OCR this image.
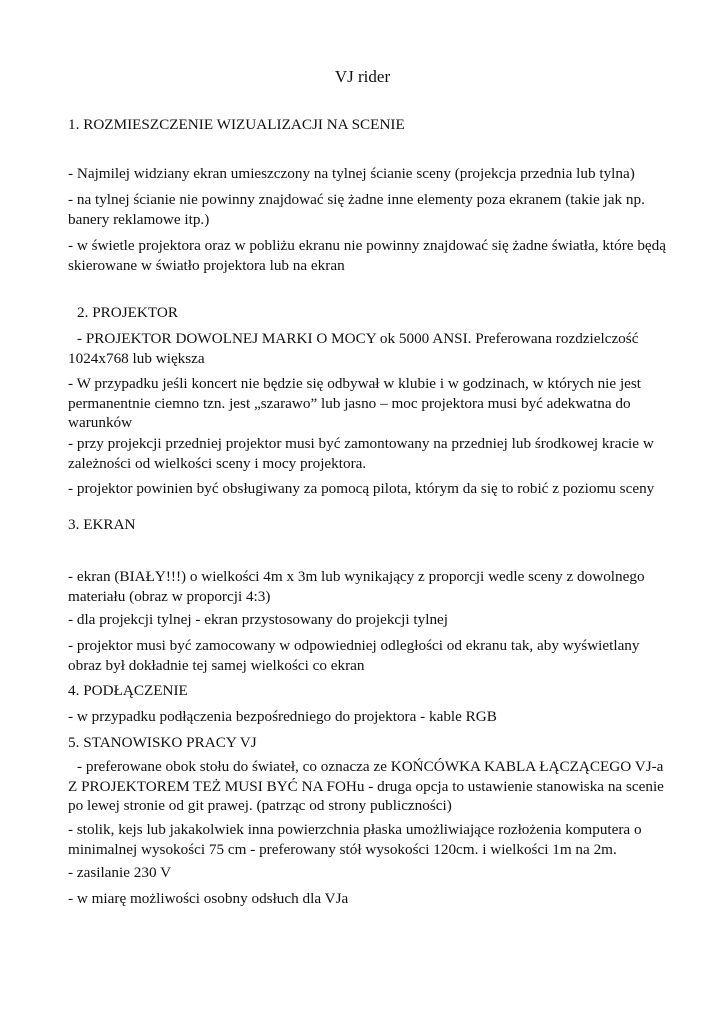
VJ rider

1. ROZMIESZCZENIE WIZUALIZACJI NA SCENIE

- Najmilej widziany ekran umieszczony na tylnej ścianie sceny (projekcja przednia lub tylna)

- na tylnej ścianie nie powinny znajdować się żadne inne elementy poza ekranem (takie jak np. banery reklamowe itp.)

- w świetle projektora oraz w pobliżu ekranu nie powinny znajdować się żadne światła, które będą skierowane w światło projektora lub na ekran

2. PROJEKTOR

- PROJEKTOR DOWOLNEJ MARKI O MOCY ok 5000 ANSI. Preferowana rozdzielczość 1024x768 lub większa

- W przypadku jeśli koncert nie będzie się odbywał w klubie i w godzinach, w których nie jest permanentnie ciemno tzn. jest „szarawo” lub jasno – moc projektora musi być adekwatna do warunków

- przy projekcji przedniej projektor musi być zamontowany na przedniej lub środkowej kracie w zależności od wielkości sceny i mocy projektora.

- projektor powinien być obsługiwany za pomocą pilota, którym da się to robić z poziomu sceny

3. EKRAN

- ekran (BIAŁY!!!) o wielkości 4m x 3m lub wynikający z proporcji wedle sceny z dowolnego materiału (obraz w proporcji 4:3)

- dla projekcji tylnej - ekran przystosowany do projekcji tylnej

- projektor musi być zamocowany w odpowiedniej odległości od ekranu tak, aby wyświetlany obraz był dokładnie tej samej wielkości co ekran

4. PODŁĄCZENIE

- w przypadku podłączenia bezpośredniego do projektora - kable RGB

5. STANOWISKO PRACY VJ

- preferowane obok stołu do świateł, co oznacza ze KOŃCÓWKA KABLA ŁĄCZĄCEGO VJ-a Z PROJEKTOREM TEŻ MUSI BYĆ NA FOHu - druga opcja to ustawienie stanowiska na scenie po lewej stronie od git prawej. (patrząc od strony publiczności)

- stolik, kejs lub jakakolwiek inna powierzchnia płaska umożliwiające rozłożenia komputera o minimalnej wysokości 75 cm - preferowany stół wysokości 120cm. i wielkości 1m na 2m.

- zasilanie 230 V

- w miarę możliwości osobny odsłuch dla VJa
